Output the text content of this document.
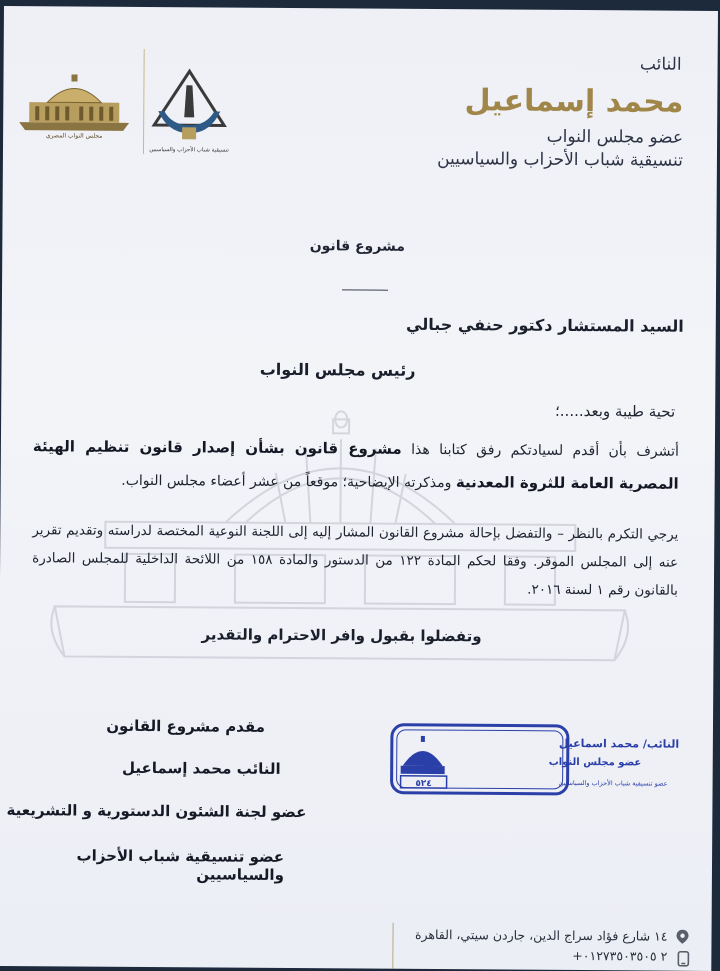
النائب
محمد إسماعيل
عضو مجلس النواب
تنسيقية شباب الأحزاب والسياسيين
مجلس النواب المصري
تنسيقية شباب الأحزاب والسياسيين
مشروع قانون
السيد المستشار دكتور حنفي جبالي
رئيس مجلس النواب
تحية طيبة وبعد.....؛
أتشرف بأن أقدم لسيادتكم رفق كتابنا هذا مشروع قانون بشأن إصدار قانون تنظيم الهيئة المصرية العامة للثروة المعدنية ومذكرته الإيضاحية؛ موقعاً من عشر أعضاء مجلس النواب.
يرجي التكرم بالنظر – والتفضل بإحالة مشروع القانون المشار إليه إلى اللجنة النوعية المختصة لدراسته وتقديم تقرير عنه إلى المجلس الموقر. وفقا لحكم المادة ١٢٢ من الدستور والمادة ١٥٨ من اللائحة الداخلية للمجلس الصادرة بالقانون رقم ١ لسنة ٢٠١٦.
وتفضلوا بقبول وافر الاحترام والتقدير
مقدم مشروع القانون
النائب محمد إسماعيل
عضو لجنة الشئون الدستورية و التشريعية
عضو تنسيقية شباب الأحزاب والسياسيين
٥٢٤
النائب/ محمد اسماعيل
عضو مجلس النواب
عضو تنسيقية شباب الأحزاب والسياسيين
١٤ شارع فؤاد سراج الدين، جاردن سيتي، القاهرة
+٢ ٠١٢٧٣٥٠٣٥٠٥
